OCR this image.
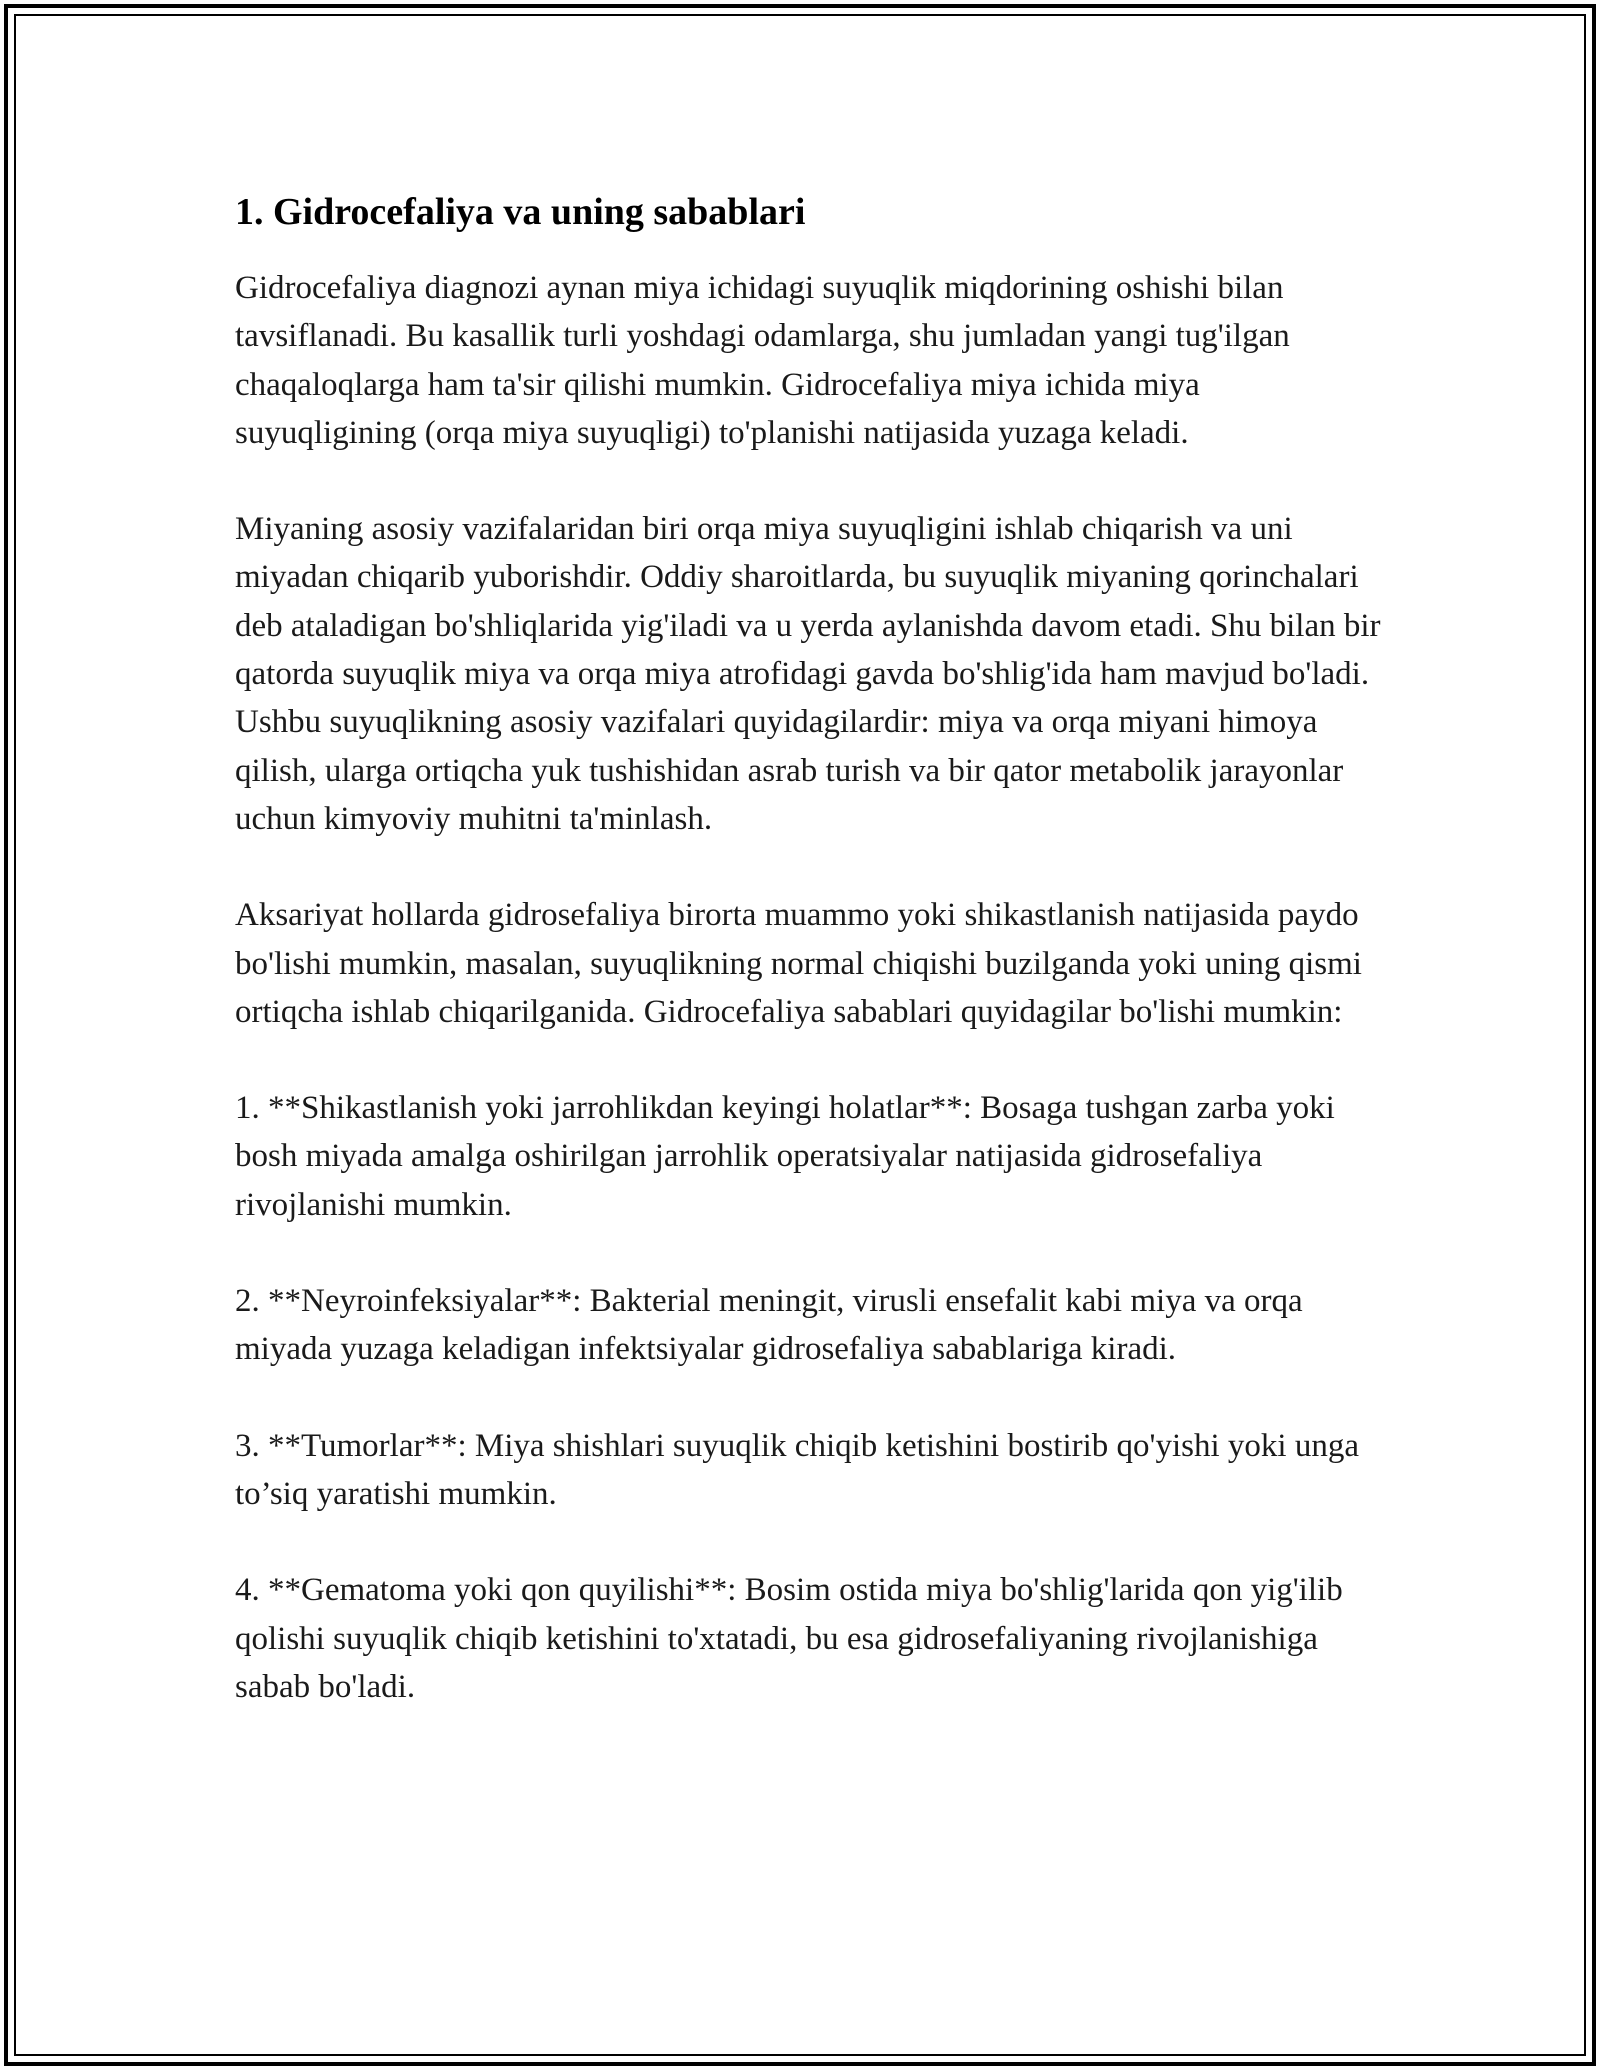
1. Gidrocefaliya va uning sabablari

Gidrocefaliya diagnozi aynan miya ichidagi suyuqlik miqdorining oshishi bilan tavsiflanadi. Bu kasallik turli yoshdagi odamlarga, shu jumladan yangi tug'ilgan chaqaloqlarga ham ta'sir qilishi mumkin. Gidrocefaliya miya ichida miya suyuqligining (orqa miya suyuqligi) to'planishi natijasida yuzaga keladi.

Miyaning asosiy vazifalaridan biri orqa miya suyuqligini ishlab chiqarish va uni miyadan chiqarib yuborishdir. Oddiy sharoitlarda, bu suyuqlik miyaning qorinchalari deb ataladigan bo'shliqlarida yig'iladi va u yerda aylanishda davom etadi. Shu bilan bir qatorda suyuqlik miya va orqa miya atrofidagi gavda bo'shlig'ida ham mavjud bo'ladi. Ushbu suyuqlikning asosiy vazifalari quyidagilardir: miya va orqa miyani himoya qilish, ularga ortiqcha yuk tushishidan asrab turish va bir qator metabolik jarayonlar uchun kimyoviy muhitni ta'minlash.

Aksariyat hollarda gidrosefaliya birorta muammo yoki shikastlanish natijasida paydo bo'lishi mumkin, masalan, suyuqlikning normal chiqishi buzilganda yoki uning qismi ortiqcha ishlab chiqarilganida. Gidrocefaliya sabablari quyidagilar bo'lishi mumkin:

1. **Shikastlanish yoki jarrohlikdan keyingi holatlar**: Bosaga tushgan zarba yoki bosh miyada amalga oshirilgan jarrohlik operatsiyalar natijasida gidrosefaliya rivojlanishi mumkin.

2. **Neyroinfeksiyalar**: Bakterial meningit, virusli ensefalit kabi miya va orqa miyada yuzaga keladigan infektsiyalar gidrosefaliya sabablariga kiradi.

3. **Tumorlar**: Miya shishlari suyuqlik chiqib ketishini bostirib qo'yishi yoki unga to’siq yaratishi mumkin.

4. **Gematoma yoki qon quyilishi**: Bosim ostida miya bo'shlig'larida qon yig'ilib qolishi suyuqlik chiqib ketishini to'xtatadi, bu esa gidrosefaliyaning rivojlanishiga sabab bo'ladi.
